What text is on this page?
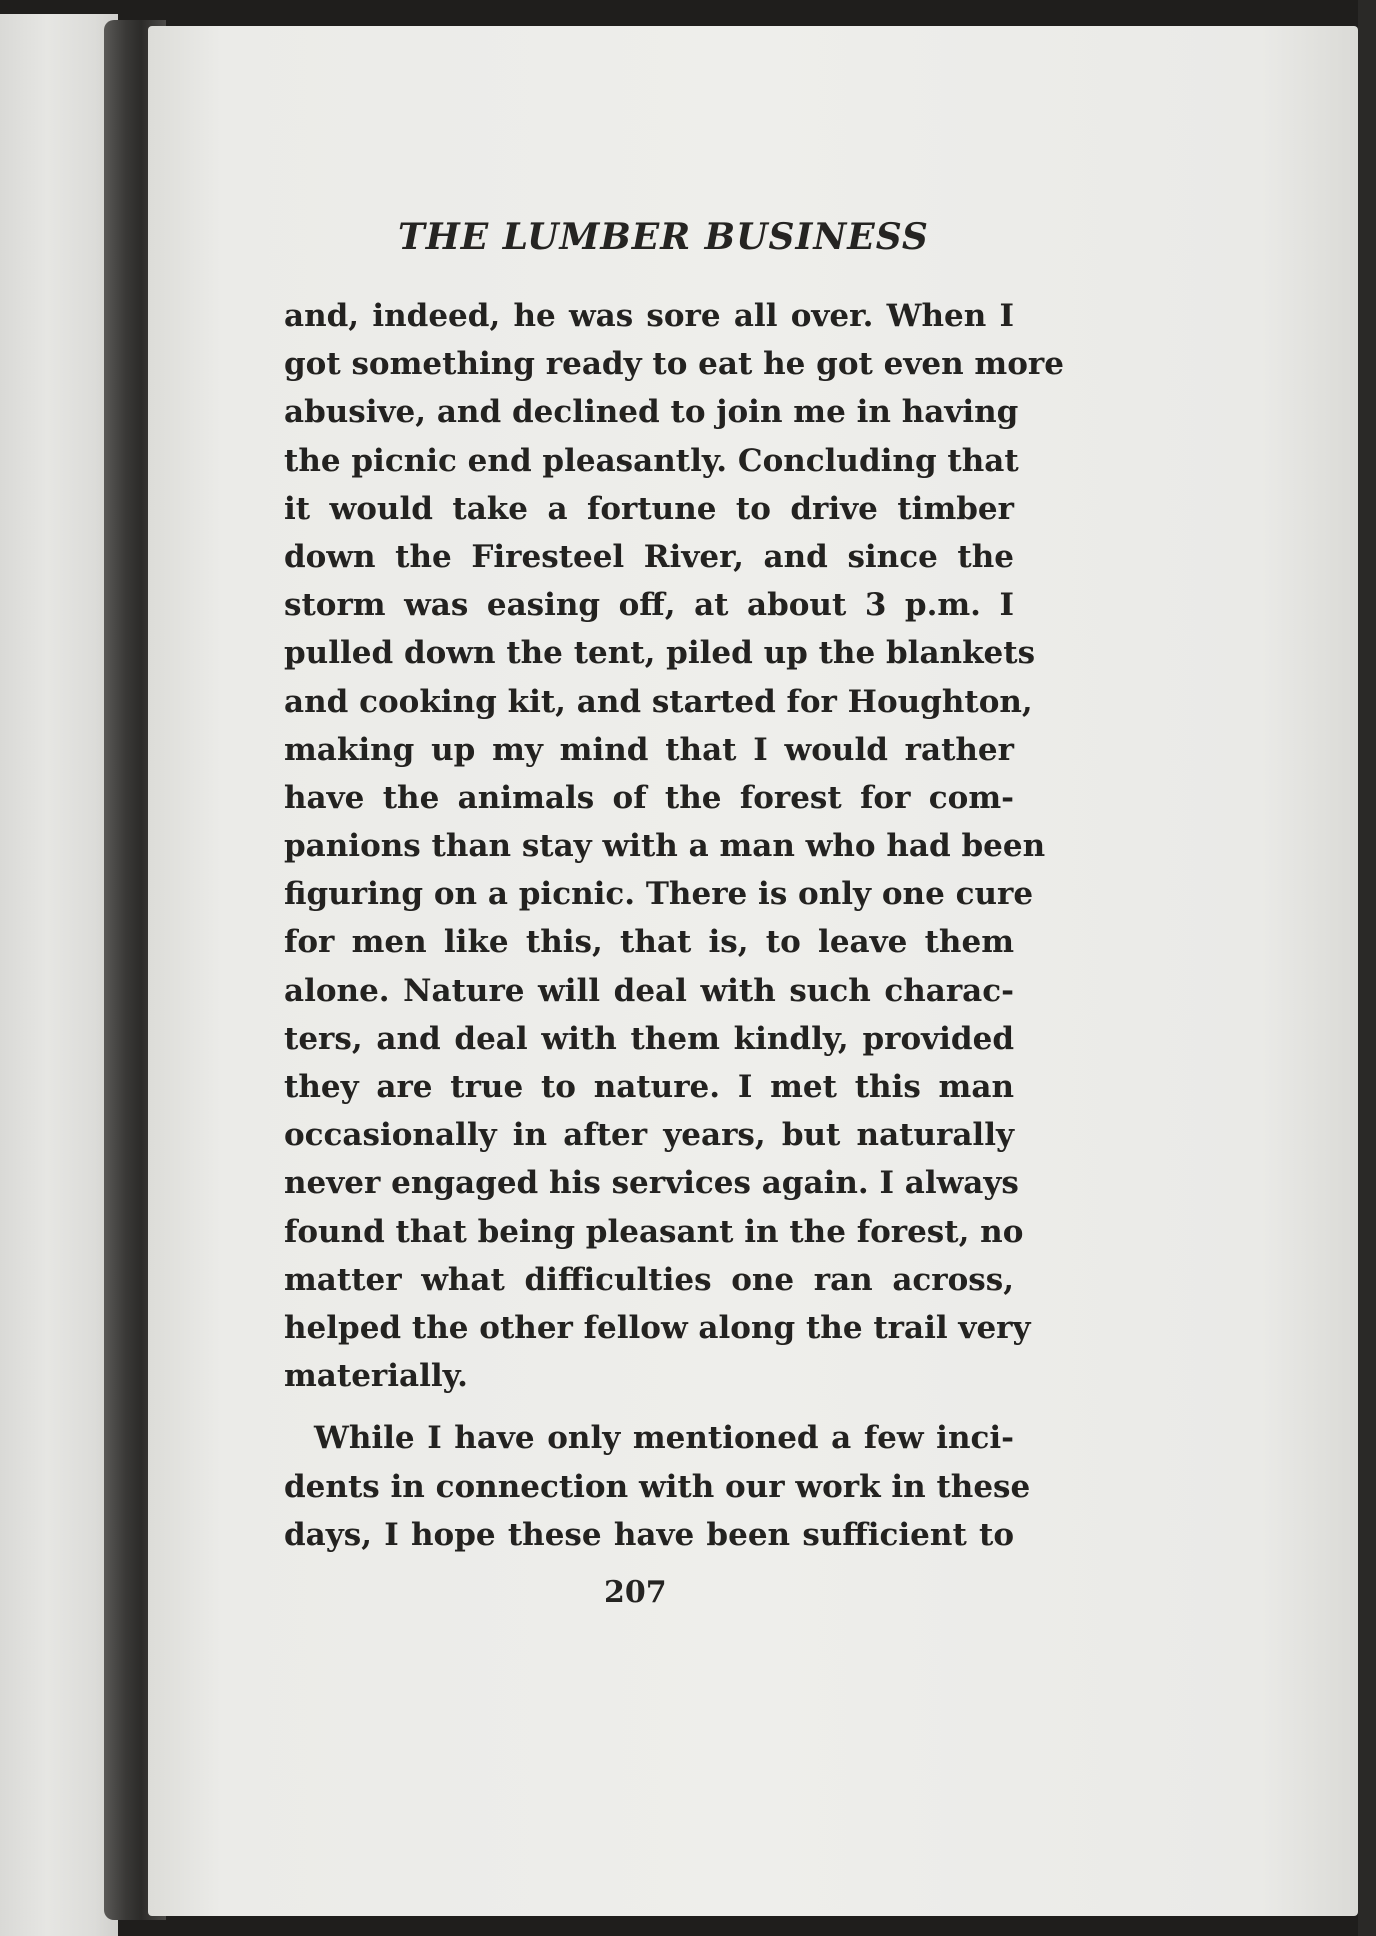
THE LUMBER BUSINESS
and, indeed, he was sore all over. When I
got something ready to eat he got even more
abusive, and declined to join me in having
the picnic end pleasantly. Concluding that
it would take a fortune to drive timber
down the Firesteel River, and since the
storm was easing off, at about 3 p.m. I
pulled down the tent, piled up the blankets
and cooking kit, and started for Houghton,
making up my mind that I would rather
have the animals of the forest for com-
panions than stay with a man who had been
figuring on a picnic. There is only one cure
for men like this, that is, to leave them
alone. Nature will deal with such charac-
ters, and deal with them kindly, provided
they are true to nature. I met this man
occasionally in after years, but naturally
never engaged his services again. I always
found that being pleasant in the forest, no
matter what difficulties one ran across,
helped the other fellow along the trail very
materially.
While I have only mentioned a few inci-
dents in connection with our work in these
days, I hope these have been sufficient to
207
